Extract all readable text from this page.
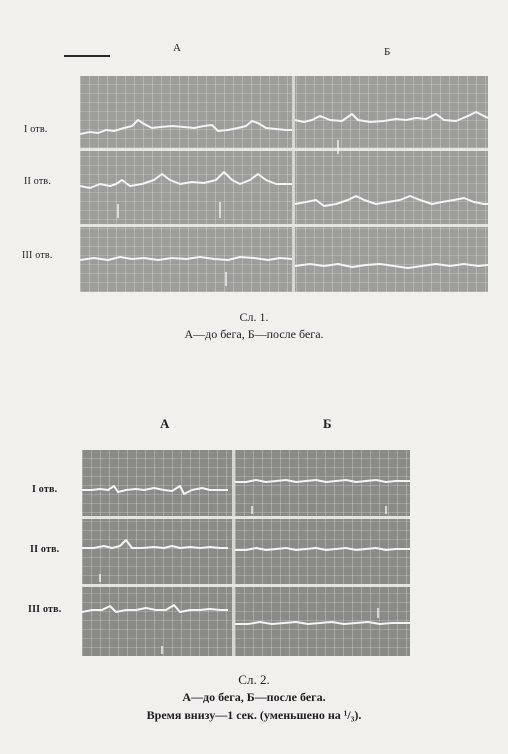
А	Б
I отв.
II отв.
III отв.
Сл. 1.
А—до бега, Б—после бега.
А	Б
I отв.
II отв.
III отв.
Сл. 2.
А—до бега, Б—после бега.
Время внизу—1 сек. (уменьшено на ¹/₃).
